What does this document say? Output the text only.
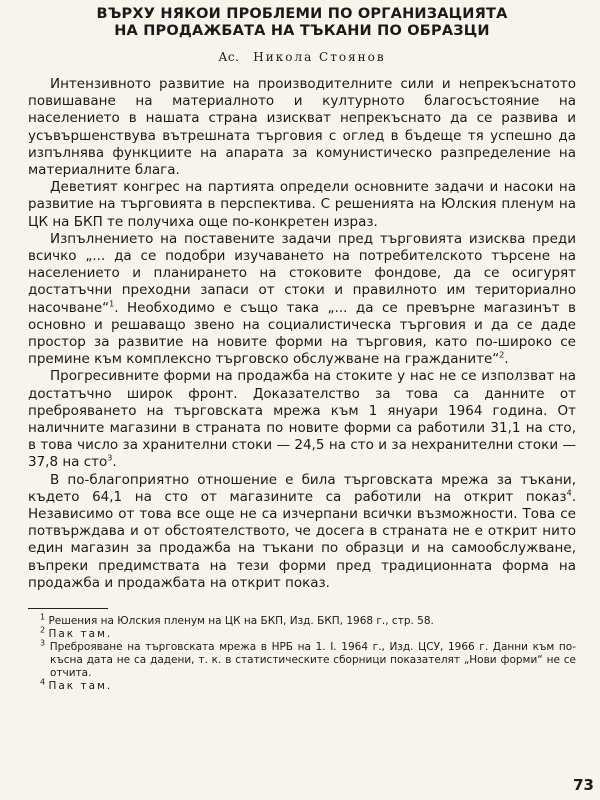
ВЪРХУ НЯКОИ ПРОБЛЕМИ ПО ОРГАНИЗАЦИЯТА
НА ПРОДАЖБАТА НА ТЪКАНИ ПО ОБРАЗЦИ
Ас. Никола Стоянов

Интензивното развитие на производителните сили и непрекъснатото повишаване на материалното и културното благосъстояние на населението в нашата страна изискват непрекъснато да се развива и усъвършенствува вътрешната търговия с оглед в бъдеще тя успешно да изпълнява функциите на апарата за комунистическо разпределение на материалните блага.

Деветият конгрес на партията определи основните задачи и насоки на развитие на търговията в перспектива. С решенията на Юлския пленум на ЦК на БКП те получиха още по-конкретен израз.

Изпълнението на поставените задачи пред търговията изисква преди всичко „... да се подобри изучаването на потребителското търсене на населението и планирането на стоковите фондове, да се осигурят достатъчни преходни запаси от стоки и правилното им териториално насочване“$^1$. Необходимо е също така „... да се превърне магазинът в основно и решаващо звено на социалистическа търговия и да се даде простор за развитие на новите форми на търговия, като по-широко се премине към комплексно търговско обслужване на гражданите“$^2$.

Прогресивните форми на продажба на стоките у нас не се използват на достатъчно широк фронт. Доказателство за това са данните от преброяването на търговската мрежа към 1 януари 1964 година. От наличните магазини в страната по новите форми са работили 31,1 на сто, в това число за хранителни стоки — 24,5 на сто и за нехранителни стоки — 37,8 на сто$^3$.

В по-благоприятно отношение е била търговската мрежа за тъкани, където 64,1 на сто от магазините са работили на открит показ$^4$. Независимо от това все още не са изчерпани всички възможности. Това се потвърждава и от обстоятелството, че досега в страната не е открит нито един магазин за продажба на тъкани по образци и на самообслужване, въпреки предимствата на тези форми пред традиционната форма на продажба и продажбата на открит показ.

$^1$ Решения на Юлския пленум на ЦК на БКП, Изд. БКП, 1968 г., стр. 58.

$^2$ Пак там.

$^3$ Преброяване на търговската мрежа в НРБ на 1. I. 1964 г., Изд. ЦСУ, 1966 г. Данни към по-късна дата не са дадени, т. к. в статистическите сборници показателят „Нови форми“ не се отчита.

$^4$ Пак там.

73
